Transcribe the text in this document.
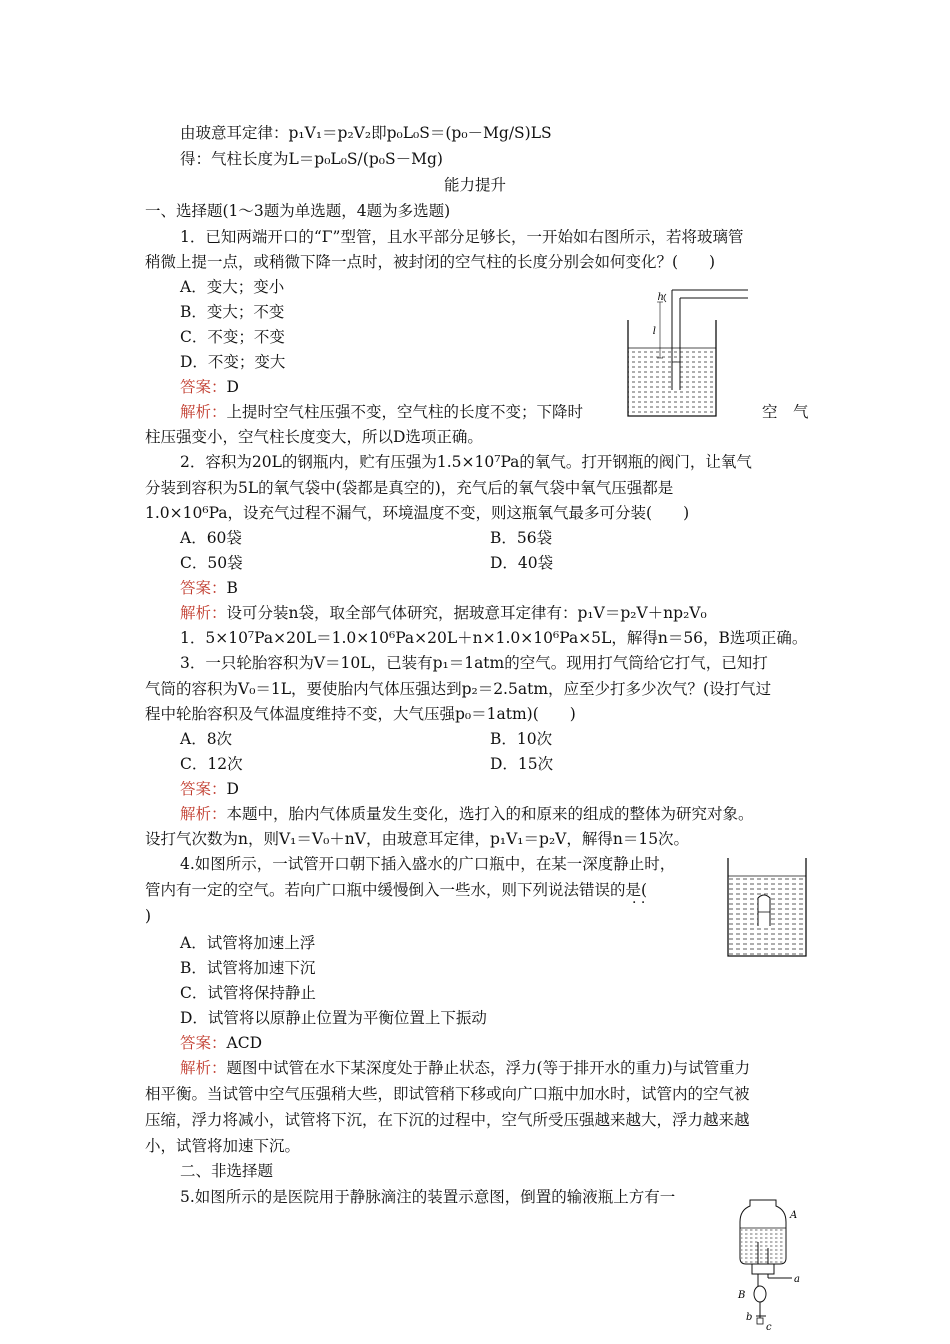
由玻意耳定律：p₁V₁＝p₂V₂即p₀L₀S＝(p₀－Mg/S)LS
得：气柱长度为L＝p₀L₀S/(p₀S－Mg)
能力提升
一、选择题(1～3题为单选题，4题为多选题)
1．已知两端开口的“Γ”型管，且水平部分足够长，一开始如右图所示，若将玻璃管
稍微上提一点，或稍微下降一点时，被封闭的空气柱的长度分别会如何变化？(　　)
A．变大；变小
B．变大；不变
C．不变；不变
D．不变；变大
答案：D
解析：上提时空气柱压强不变，空气柱的长度不变；下降时	空　气
柱压强变小，空气柱长度变大，所以D选项正确。
h
l
2．容积为20L的钢瓶内，贮有压强为1.5×10⁷Pa的氧气。打开钢瓶的阀门，让氧气
分装到容积为5L的氧气袋中(袋都是真空的)，充气后的氧气袋中氧气压强都是
1.0×10⁶Pa，设充气过程不漏气，环境温度不变，则这瓶氧气最多可分装(　　)
A．60袋	B．56袋
C．50袋	D．40袋
答案：B
解析：设可分装n袋，取全部气体研究，据玻意耳定律有：p₁V＝p₂V＋np₂V₀
1．5×10⁷Pa×20L＝1.0×10⁶Pa×20L＋n×1.0×10⁶Pa×5L，解得n＝56，B选项正确。
3．一只轮胎容积为V＝10L，已装有p₁＝1atm的空气。现用打气筒给它打气，已知打
气筒的容积为V₀＝1L，要使胎内气体压强达到p₂＝2.5atm，应至少打多少次气？(设打气过
程中轮胎容积及气体温度维持不变，大气压强p₀＝1atm)(　　)
A．8次	B．10次
C．12次	D．15次
答案：D
解析：本题中，胎内气体质量发生变化，选打入的和原来的组成的整体为研究对象。
设打气次数为n，则V₁＝V₀＋nV，由玻意耳定律，p₁V₁＝p₂V，解得n＝15次。
4.如图所示，一试管开口朝下插入盛水的广口瓶中，在某一深度静止时，
管内有一定的空气。若向广口瓶中缓慢倒入一些水，则下列说法错误的是(
· ·
)
A．试管将加速上浮
B．试管将加速下沉
C．试管将保持静止
D．试管将以原静止位置为平衡位置上下振动
答案：ACD
解析：题图中试管在水下某深度处于静止状态，浮力(等于排开水的重力)与试管重力
相平衡。当试管中空气压强稍大些，即试管稍下移或向广口瓶中加水时，试管内的空气被
压缩，浮力将减小，试管将下沉，在下沉的过程中，空气所受压强越来越大，浮力越来越
小，试管将加速下沉。
二、非选择题
5.如图所示的是医院用于静脉滴注的装置示意图，倒置的输液瓶上方有一
A
B
a
b
c
